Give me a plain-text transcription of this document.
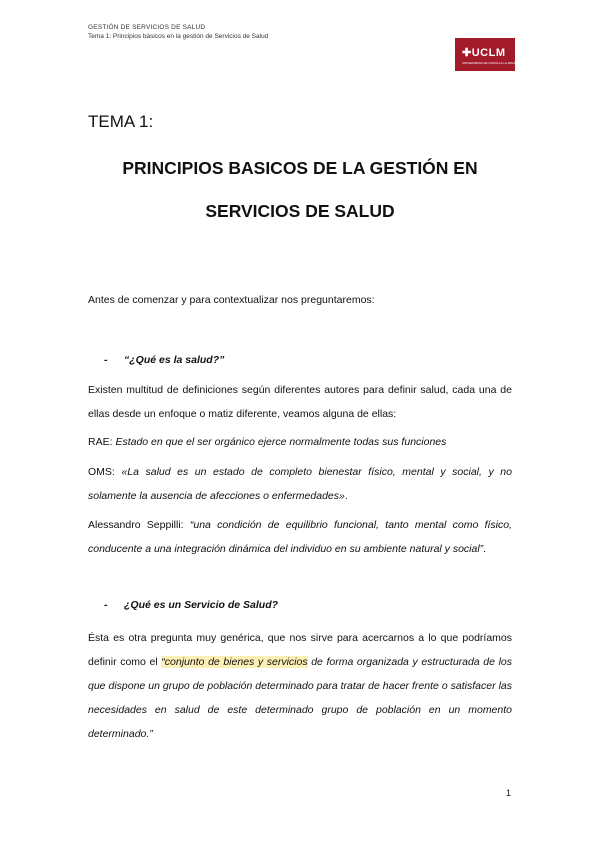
GESTIÓN DE SERVICIOS DE SALUD
Tema 1: Principios básicos en la gestión de Servicios de Salud
✚UCLM
UNIVERSIDAD DE CASTILLA·LA MANCHA
TEMA 1:
PRINCIPIOS BASICOS DE LA GESTIÓN EN
SERVICIOS DE SALUD

Antes de comenzar y para contextualizar nos preguntaremos:

- “¿Qué es la salud?”

Existen multitud de definiciones según diferentes autores para definir salud, cada una de ellas desde un enfoque o matiz diferente, veamos alguna de ellas:

RAE: Estado en que el ser orgánico ejerce normalmente todas sus funciones

OMS: «La salud es un estado de completo bienestar físico, mental y social, y no solamente la ausencia de afecciones o enfermedades».

Alessandro Seppilli: “una condición de equilibrio funcional, tanto mental como físico, conducente a una integración dinámica del individuo en su ambiente natural y social”.

- ¿Qué es un Servicio de Salud?

Ésta es otra pregunta muy genérica, que nos sirve para acercarnos a lo que podríamos definir como el “conjunto de bienes y servicios de forma organizada y estructurada de los que dispone un grupo de población determinado para tratar de hacer frente o satisfacer las necesidades en salud de este determinado grupo de población en un momento determinado.”

1
